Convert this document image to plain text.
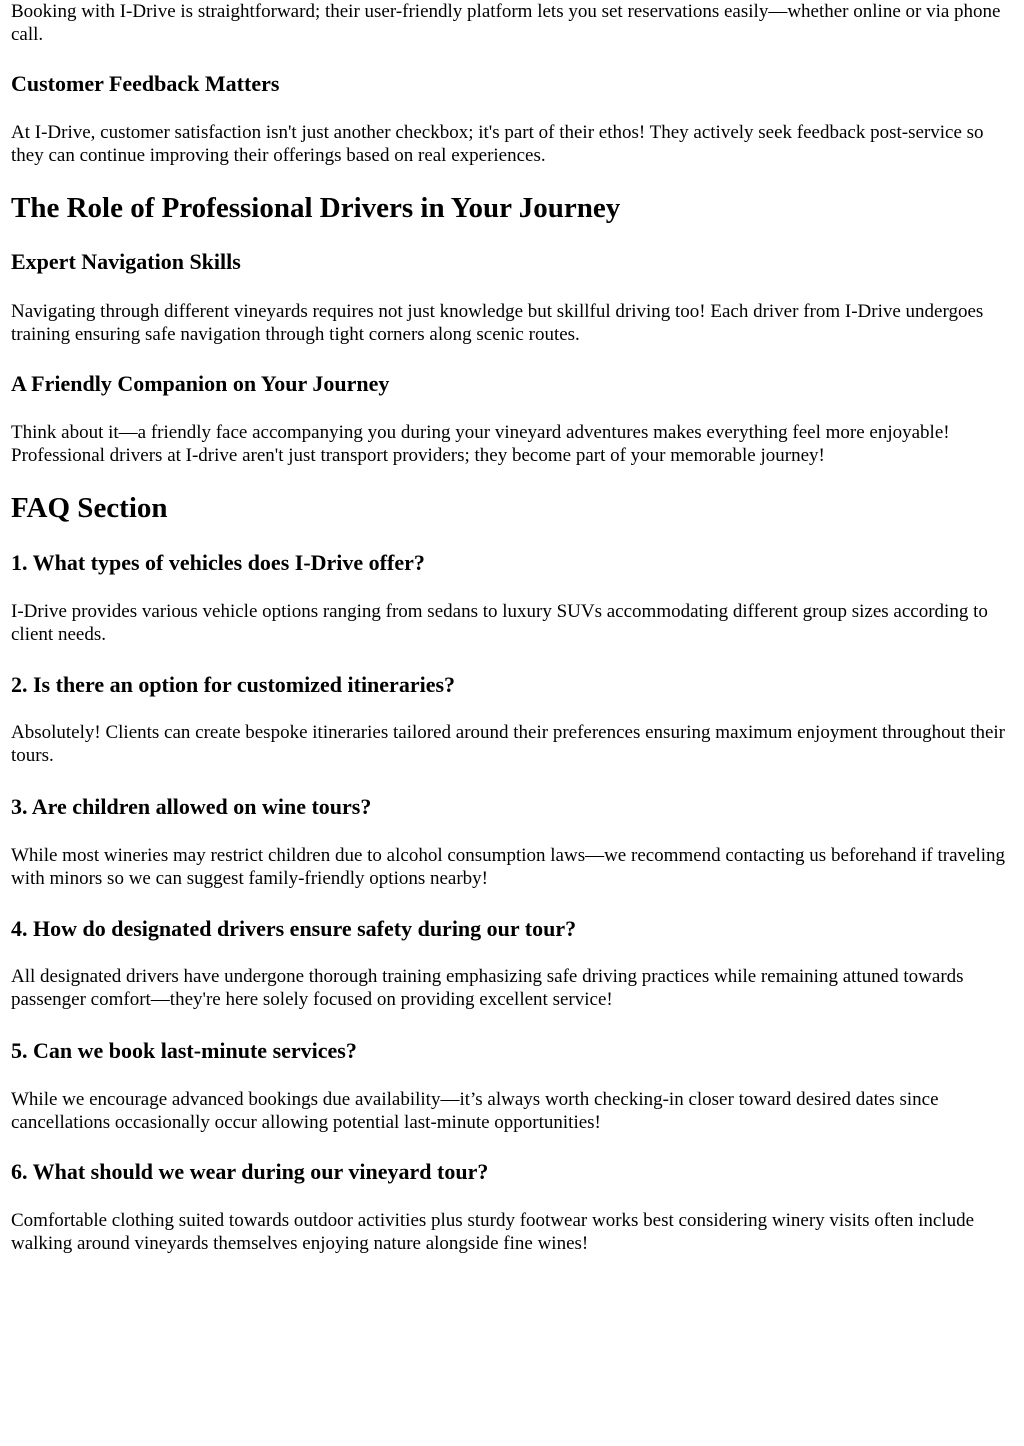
Booking with I-Drive is straightforward; their user-friendly platform lets you set reservations easily—whether online or via phone call.

Customer Feedback Matters

At I-Drive, customer satisfaction isn't just another checkbox; it's part of their ethos! They actively seek feedback post-service so they can continue improving their offerings based on real experiences.

The Role of Professional Drivers in Your Journey
Expert Navigation Skills

Navigating through different vineyards requires not just knowledge but skillful driving too! Each driver from I-Drive undergoes training ensuring safe navigation through tight corners along scenic routes.

A Friendly Companion on Your Journey

Think about it—a friendly face accompanying you during your vineyard adventures makes everything feel more enjoyable! Professional drivers at I-drive aren't just transport providers; they become part of your memorable journey!

FAQ Section
1. What types of vehicles does I-Drive offer?

I-Drive provides various vehicle options ranging from sedans to luxury SUVs accommodating different group sizes according to client needs.

2. Is there an option for customized itineraries?

Absolutely! Clients can create bespoke itineraries tailored around their preferences ensuring maximum enjoyment throughout their tours.

3. Are children allowed on wine tours?

While most wineries may restrict children due to alcohol consumption laws—we recommend contacting us beforehand if traveling with minors so we can suggest family-friendly options nearby!

4. How do designated drivers ensure safety during our tour?

All designated drivers have undergone thorough training emphasizing safe driving practices while remaining attuned towards passenger comfort—they're here solely focused on providing excellent service!

5. Can we book last-minute services?

While we encourage advanced bookings due availability—it’s always worth checking-in closer toward desired dates since cancellations occasionally occur allowing potential last-minute opportunities!

6. What should we wear during our vineyard tour?

Comfortable clothing suited towards outdoor activities plus sturdy footwear works best considering winery visits often include walking around vineyards themselves enjoying nature alongside fine wines!
